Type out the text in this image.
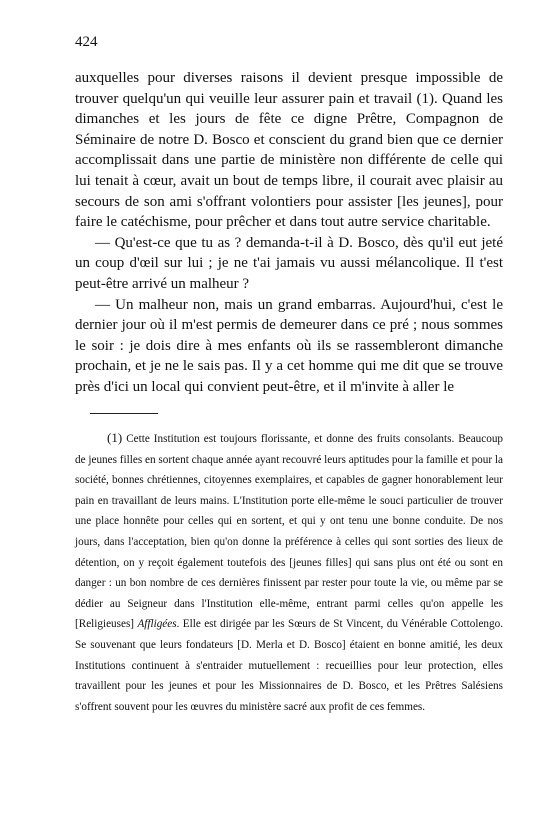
424

auxquelles pour diverses raisons il devient presque impossible de trouver quelqu'un qui veuille leur assurer pain et travail (1). Quand les dimanches et les jours de fête ce digne Prêtre, Compagnon de Séminaire de notre D. Bosco et conscient du grand bien que ce dernier accomplissait dans une partie de ministère non différente de celle qui lui tenait à cœur, avait un bout de temps libre, il courait avec plaisir au secours de son ami s'offrant volontiers pour assister [les jeunes], pour faire le catéchisme, pour prêcher et dans tout autre service charitable.

— Qu'est-ce que tu as ? demanda-t-il à D. Bosco, dès qu'il eut jeté un coup d'œil sur lui ; je ne t'ai jamais vu aussi mélancolique. Il t'est peut-être arrivé un malheur ?

— Un malheur non, mais un grand embarras. Aujourd'hui, c'est le dernier jour où il m'est permis de demeurer dans ce pré ; nous sommes le soir : je dois dire à mes enfants où ils se rassembleront dimanche prochain, et je ne le sais pas. Il y a cet homme qui me dit que se trouve près d'ici un local qui convient peut-être, et il m'invite à aller le

(1) Cette Institution est toujours florissante, et donne des fruits consolants. Beaucoup de jeunes filles en sortent chaque année ayant recouvré leurs aptitudes pour la famille et pour la société, bonnes chrétiennes, citoyennes exemplaires, et capables de gagner honorablement leur pain en travaillant de leurs mains. L'Institution porte elle-même le souci particulier de trouver une place honnête pour celles qui en sortent, et qui y ont tenu une bonne conduite. De nos jours, dans l'acceptation, bien qu'on donne la préférence à celles qui sont sorties des lieux de détention, on y reçoit également toutefois des [jeunes filles] qui sans plus ont été ou sont en danger : un bon nombre de ces dernières finissent par rester pour toute la vie, ou même par se dédier au Seigneur dans l'Institution elle-même, entrant parmi celles qu'on appelle les [Religieuses] Affligées. Elle est dirigée par les Sœurs de St Vincent, du Vénérable Cottolengo. Se souvenant que leurs fondateurs [D. Merla et D. Bosco] étaient en bonne amitié, les deux Institutions continuent à s'entraider mutuellement : recueillies pour leur protection, elles travaillent pour les jeunes et pour les Missionnaires de D. Bosco, et les Prêtres Salésiens s'offrent souvent pour les œuvres du ministère sacré aux profit de ces femmes.
